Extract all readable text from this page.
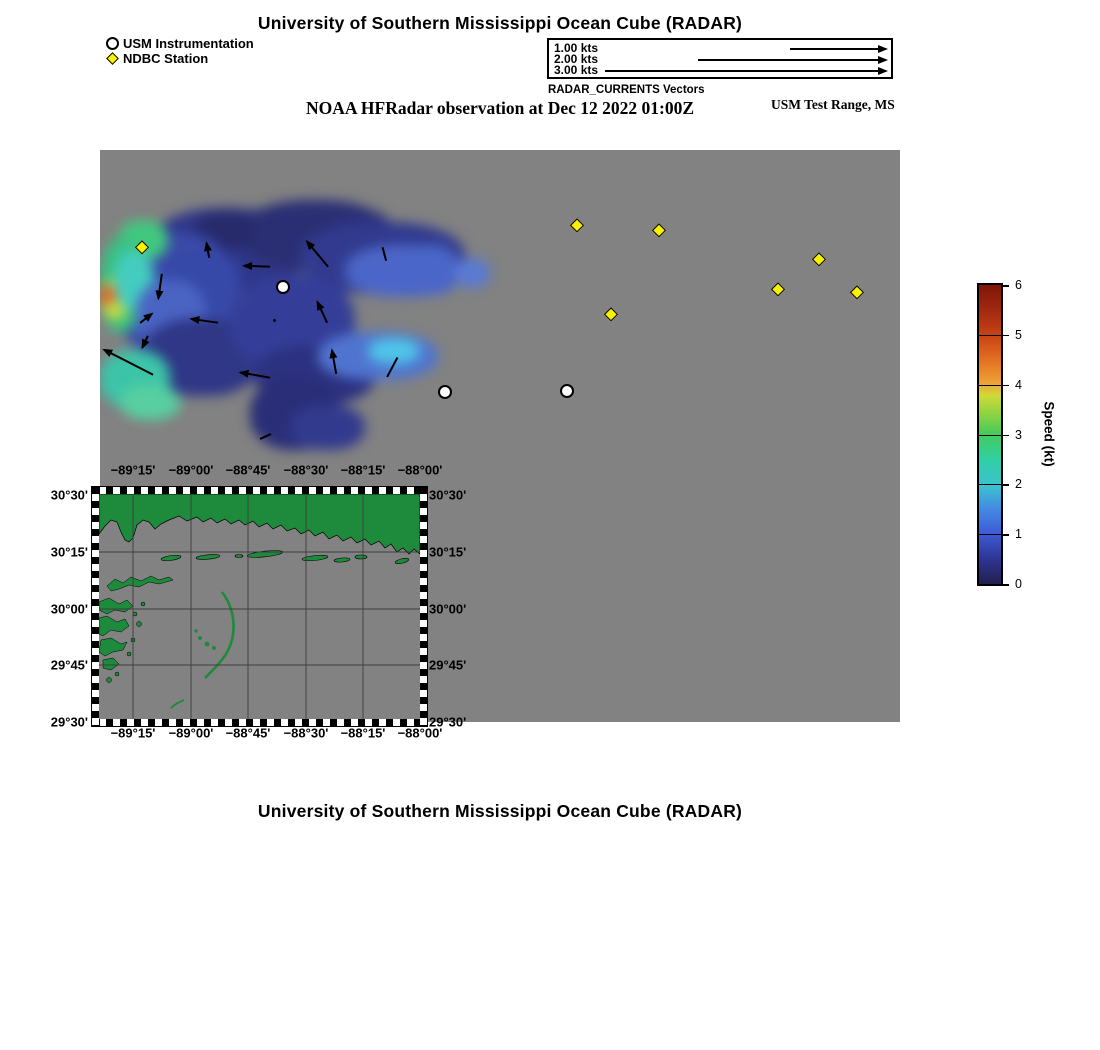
University of Southern Mississippi Ocean Cube (RADAR)
USM Instrumentation
NDBC Station
1.00 kts
2.00 kts
3.00 kts
RADAR_CURRENTS Vectors
NOAA HFRadar observation at Dec 12 2022 01:00Z	USM Test Range, MS
−89°15' −89°00' −88°45' −88°30' −88°15' −88°00'
−89°15' −89°00' −88°45' −88°30' −88°15' −88°00'
30°30'
30°15'
30°00'
29°45'
29°30'
30°30'
30°15'
30°00'
29°45'
29°30'
0
1
2
3
4
5
6
Speed (kt)
University of Southern Mississippi Ocean Cube (RADAR)
